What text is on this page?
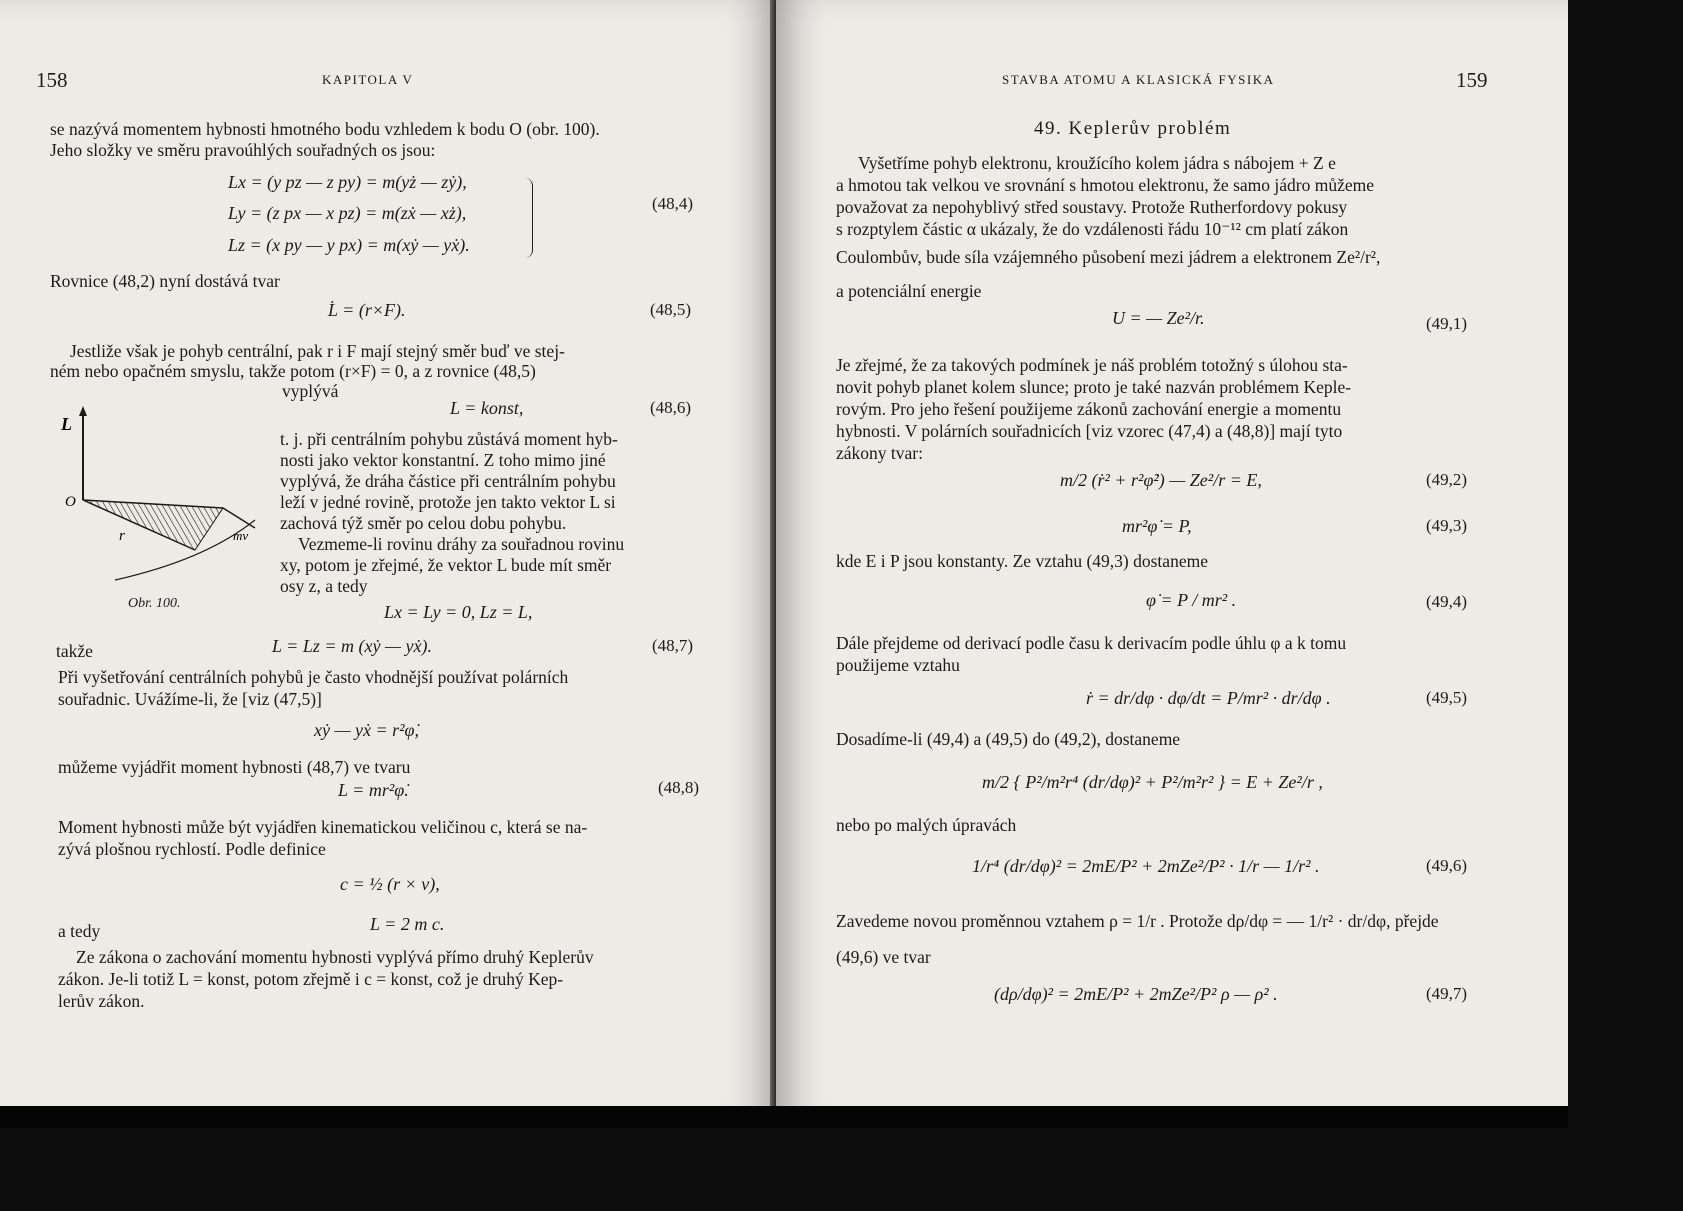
158	KAPITOLA V
se nazývá momentem hybnosti hmotného bodu vzhledem k bodu O (obr. 100).
Jeho složky ve směru pravoúhlých souřadných os jsou:
Lx = (y pz — z py) = m(yż — zẏ),
Ly = (z px — x pz) = m(zẋ — xż),
Lz = (x py — y px) = m(xẏ — yẋ).
(48,4)
Rovnice (48,2) nyní dostává tvar
L̇ = (r×F).	(48,5)
Jestliže však je pohyb centrální, pak r i F mají stejný směr buď ve stej-
ném nebo opačném smyslu, takže potom (r×F) = 0, a z rovnice (48,5)
vyplývá
L = konst,	(48,6)
t. j. při centrálním pohybu zůstává moment hyb-
nosti jako vektor konstantní. Z toho mimo jiné
vyplývá, že dráha částice při centrálním pohybu
leží v jedné rovině, protože jen takto vektor L si
zachová týž směr po celou dobu pohybu.
Vezmeme-li rovinu dráhy za souřadnou rovinu
xy, potom je zřejmé, že vektor L bude mít směr
osy z, a tedy
L
O
r	mv
Obr. 100.	Lx = Ly = 0, Lz = L,
takže	L = Lz = m (xẏ — yẋ).	(48,7)
Při vyšetřování centrálních pohybů je často vhodnější používat polárních
souřadnic. Uvážíme-li, že [viz (47,5)]
xẏ — yẋ = r²φ̇,
můžeme vyjádřit moment hybnosti (48,7) ve tvaru
L = mr²φ̇.	(48,8)
Moment hybnosti může být vyjádřen kinematickou veličinou c, která se na-
zývá plošnou rychlostí. Podle definice
c = ½ (r × v),
a tedy	L = 2 m c.
Ze zákona o zachování momentu hybnosti vyplývá přímo druhý Keplerův
zákon. Je-li totiž L = konst, potom zřejmě i c = konst, což je druhý Kep-
lerův zákon.
STAVBA ATOMU A KLASICKÁ FYSIKA	159
49. Keplerův problém
Vyšetříme pohyb elektronu, kroužícího kolem jádra s nábojem + Z e
a hmotou tak velkou ve srovnání s hmotou elektronu, že samo jádro můžeme
považovat za nepohyblivý střed soustavy. Protože Rutherfordovy pokusy
s rozptylem částic α ukázaly, že do vzdálenosti řádu 10⁻¹² cm platí zákon
Coulombův, bude síla vzájemného působení mezi jádrem a elektronem Ze²/r²,
a potenciální energie
U = — Ze²/r.	(49,1)
Je zřejmé, že za takových podmínek je náš problém totožný s úlohou sta-
novit pohyb planet kolem slunce; proto je také nazván problémem Keple-
rovým. Pro jeho řešení použijeme zákonů zachování energie a momentu
hybnosti. V polárních souřadnicích [viz vzorec (47,4) a (48,8)] mají tyto
zákony tvar:
m/2 (ṙ² + r²φ̇²) — Ze²/r = E,	(49,2)
mr²φ̇ = P,	(49,3)
kde E i P jsou konstanty. Ze vztahu (49,3) dostaneme
φ̇ = P / mr² .	(49,4)
Dále přejdeme od derivací podle času k derivacím podle úhlu φ a k tomu
použijeme vztahu
ṙ = dr/dφ · dφ/dt = P/mr² · dr/dφ .	(49,5)
Dosadíme-li (49,4) a (49,5) do (49,2), dostaneme
m/2 { P²/m²r⁴ (dr/dφ)² + P²/m²r² } = E + Ze²/r ,
nebo po malých úpravách
1/r⁴ (dr/dφ)² = 2mE/P² + 2mZe²/P² · 1/r — 1/r² .	(49,6)
Zavedeme novou proměnnou vztahem ρ = 1/r . Protože dρ/dφ = — 1/r² · dr/dφ, přejde
(49,6) ve tvar
(dρ/dφ)² = 2mE/P² + 2mZe²/P² ρ — ρ² .	(49,7)
